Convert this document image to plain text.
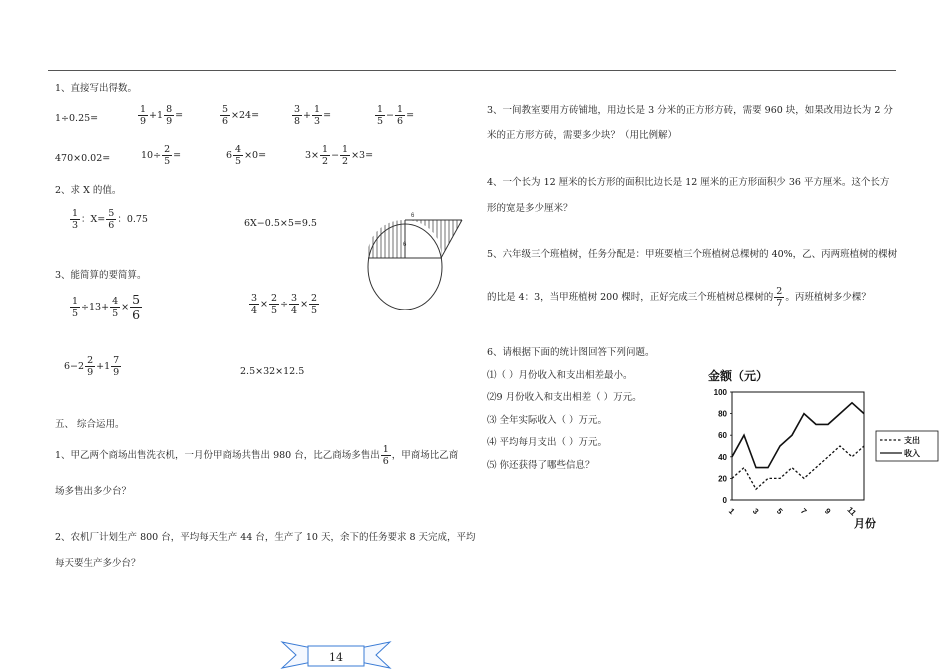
1、直接写出得数。
1÷0.25=	$\frac{1}{9} +1 \frac{8}{9}$ =	$\frac{5}{6} \times 24=$	$\frac{3}{8} + \frac{1}{3}$ =	$\frac{1}{5} - \frac{1}{6}$ =
470×0.02=	$10\div \frac{2}{5}$ =	$6 \frac{4}{5} \times 0=$	$3\times \frac{1}{2} - \frac{1}{2} \times 3=$
2、求 X 的值。
$\frac{1}{3}$ ：$X= \frac{5}{6}$ ：0.75	6X−0.5×5=9.5
6
6
3、能简算的要简算。
$\frac{1}{5} \div 13+ \frac{4}{5} \times \frac{5}{6}$	$\frac{3}{4} \times \frac{2}{5} \div \frac{3}{4} \times \frac{2}{5}$
$6-2 \frac{2}{9} +1 \frac{7}{9}$	2.5×32×12.5
五、 综合运用。
1、甲乙两个商场出售洗衣机，一月份甲商场共售出 980 台，比乙商场多售出 $\frac{1}{6}$ ，甲商场比乙商
场多售出多少台？
2、农机厂计划生产 800 台，平均每天生产 44 台，生产了 10 天，余下的任务要求 8 天完成，平均
每天要生产多少台？
3、一间教室要用方砖铺地，用边长是 3 分米的正方形方砖，需要 960 块，如果改用边长为 2 分
米的正方形方砖，需要多少块？（用比例解）
4、一个长为 12 厘米的长方形的面积比边长是 12 厘米的正方形面积少 36 平方厘米。这个长方
形的宽是多少厘米？
5、六年级三个班植树，任务分配是：甲班要植三个班植树总棵树的 40%，乙、丙两班植树的棵树
的比是 4：3，当甲班植树 200 棵时，正好完成三个班植树总棵树的 $\frac{2}{7}$ 。丙班植树多少棵？
6、请根据下面的统计图回答下列问题。
⑴（ ）月份收入和支出相差最小。
⑵9 月份收入和支出相差（ ）万元。
⑶ 全年实际收入（ ）万元。
⑷ 平均每月支出（ ）万元。
⑸ 你还获得了哪些信息？
金额（元）
0
20
40
60
80
100
1 3 5 7 9 11
月份
支出
收入
14
